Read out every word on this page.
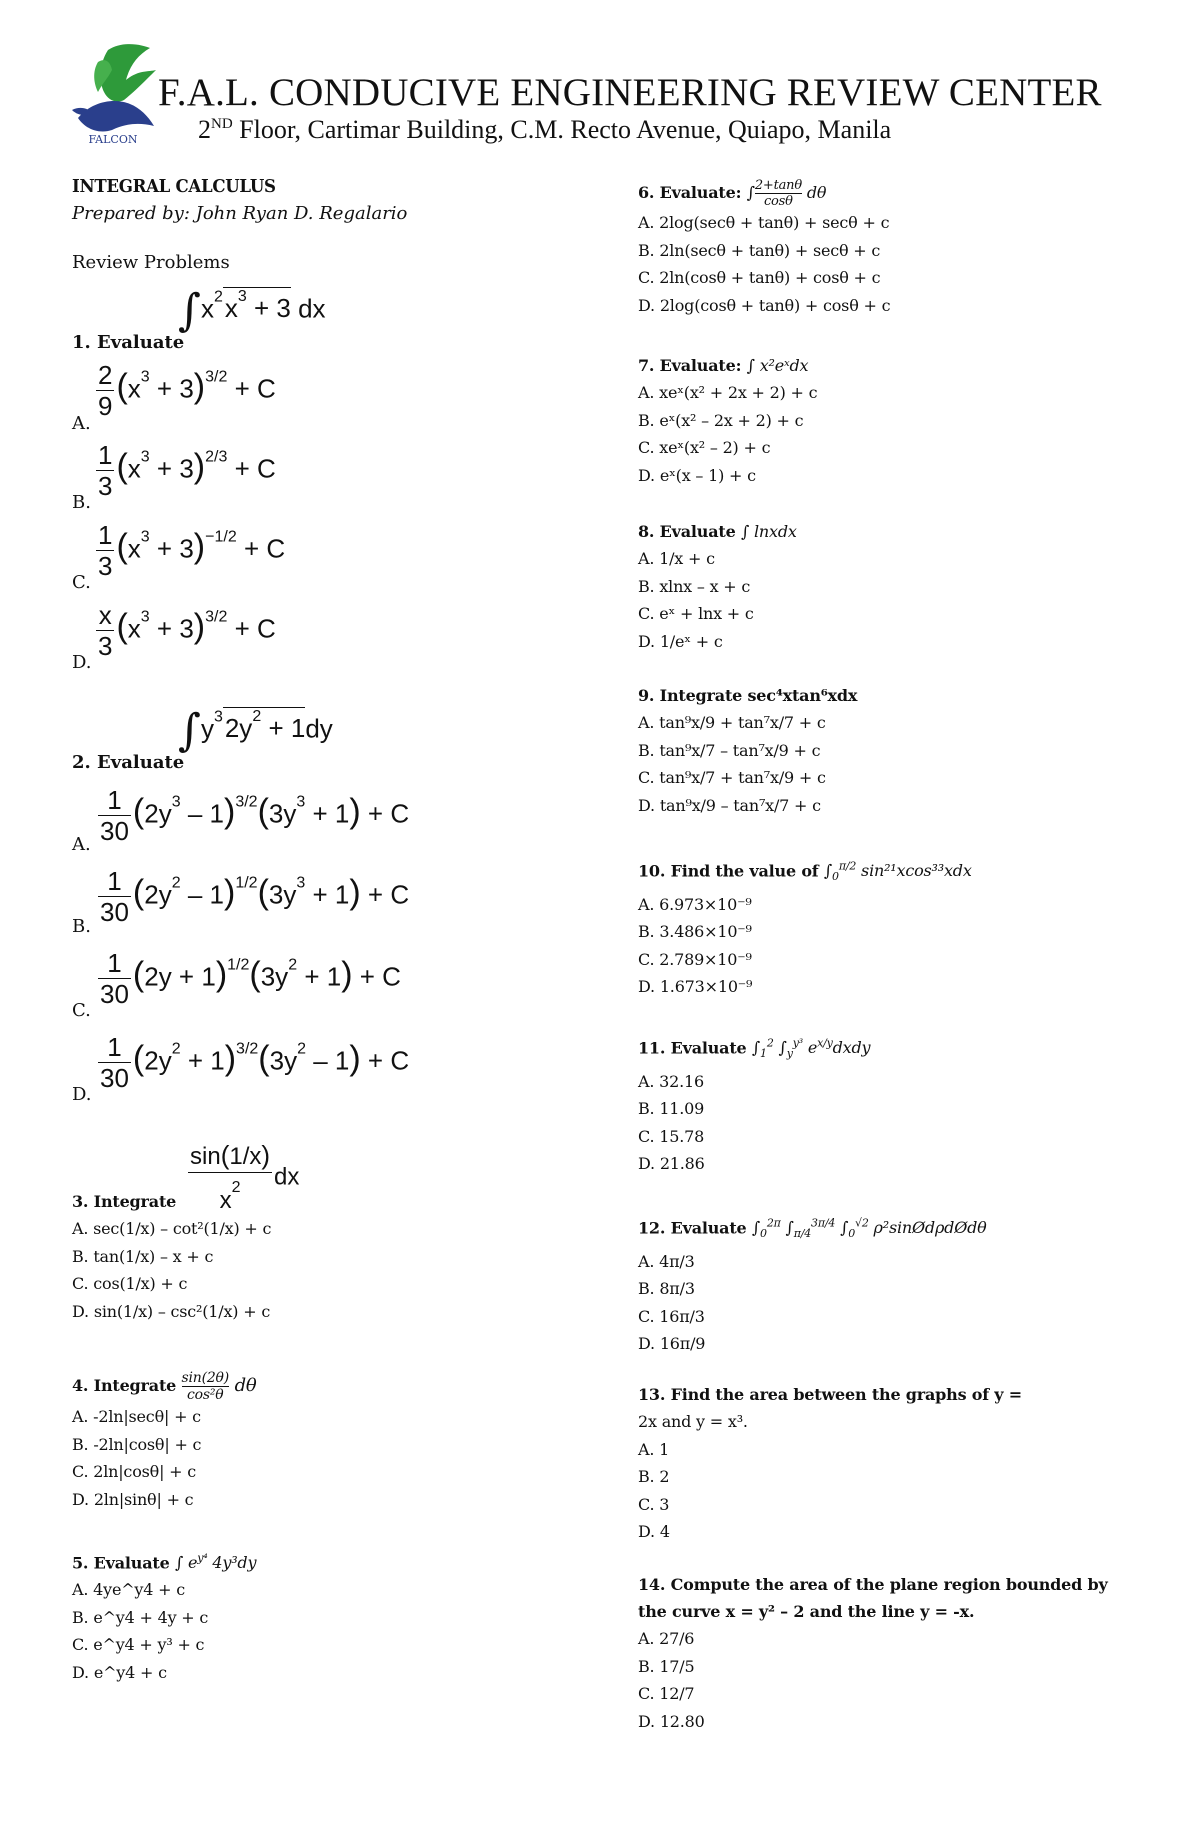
FALCON
F.A.L. CONDUCIVE ENGINEERING REVIEW CENTER
2ND Floor, Cartimar Building, C.M. Recto Avenue, Quiapo, Manila
INTEGRAL CALCULUS
Prepared by: John Ryan D. Regalario
Review Problems
$\int x^2x^3 + 3$ dx
1. Evaluate
$\frac{2}{9} (x^3 + 3)^{3/2} + C$
A.
$\frac{1}{3} (x^3 + 3)^{2/3} + C$
B.
$\frac{1}{3} (x^3 + 3)^{-1/2} + C$
C.
$\frac{x}{3} (x^3 + 3)^{3/2} + C$
D.
$\int y^32y^2 + 1dy$
2. Evaluate
$\frac{1}{30} (2y^3 - 1)^{3/2}(3y^3 + 1) + C$
A.
$\frac{1}{30} (2y^2 - 1)^{1/2}(3y^3 + 1) + C$
B.
$\frac{1}{30} (2y + 1)^{1/2}(3y^2 + 1) + C$
C.
$\frac{1}{30} (2y^2 + 1)^{3/2}(3y^2 - 1) + C$
D.
$\frac{\sin(1/x)}{x^2}$ dx
3. Integrate
A. sec(1/x) – cot²(1/x) + c
B. tan(1/x) – x + c
C. cos(1/x) + c
D. sin(1/x) – csc²(1/x) + c
4. Integrate $\frac{\sin(2\theta)}{\text{cos²θ}}$ dθ
A. -2ln|secθ| + c
B. -2ln|cosθ| + c
C. 2ln|cosθ| + c
D. 2ln|sinθ| + c
5. Evaluate ∫ $e^{y^4}$ 4y³dy
A. 4ye^y4 + c
B. e^y4 + 4y + c
C. e^y4 + y³ + c
D. e^y4 + c
6. Evaluate: ∫ $\frac{2+\tan\theta}{\cos\theta}$ dθ
A. 2log(secθ + tanθ) + secθ + c
B. 2ln(secθ + tanθ) + secθ + c
C. 2ln(cosθ + tanθ) + cosθ + c
D. 2log(cosθ + tanθ) + cosθ + c
7. Evaluate: ∫ x²eˣdx
A. xeˣ(x² + 2x + 2) + c
B. eˣ(x² – 2x + 2) + c
C. xeˣ(x² – 2) + c
D. eˣ(x – 1) + c
8. Evaluate ∫ lnxdx
A. 1/x + c
B. xlnx – x + c
C. eˣ + lnx + c
D. 1/eˣ + c
9. Integrate sec⁴xtan⁶xdx
A. tan⁹x/9 + tan⁷x/7 + c
B. tan⁹x/7 – tan⁷x/9 + c
C. tan⁹x/7 + tan⁷x/9 + c
D. tan⁹x/9 – tan⁷x/7 + c
10. Find the value of $\int_0^{\pi/2}$ sin²¹xcos³³xdx
A. 6.973×10⁻⁹
B. 3.486×10⁻⁹
C. 2.789×10⁻⁹
D. 1.673×10⁻⁹
11. Evaluate $\int_1^2$ $\int_y^{y^3}$ $e^{x/y}dxdy$
A. 32.16
B. 11.09
C. 15.78
D. 21.86
12. Evaluate $\int_0^{2\pi}$ $\int_{\pi/4}^{3\pi/4}$ $\int_0^{√2}$ ρ²sinØdρdØdθ
A. 4π/3
B. 8π/3
C. 16π/3
D. 16π/9
13. Find the area between the graphs of y =
2x and y = x³.
A. 1
B. 2
C. 3
D. 4
14. Compute the area of the plane region bounded by
the curve x = y² – 2 and the line y = -x.
A. 27/6
B. 17/5
C. 12/7
D. 12.80
